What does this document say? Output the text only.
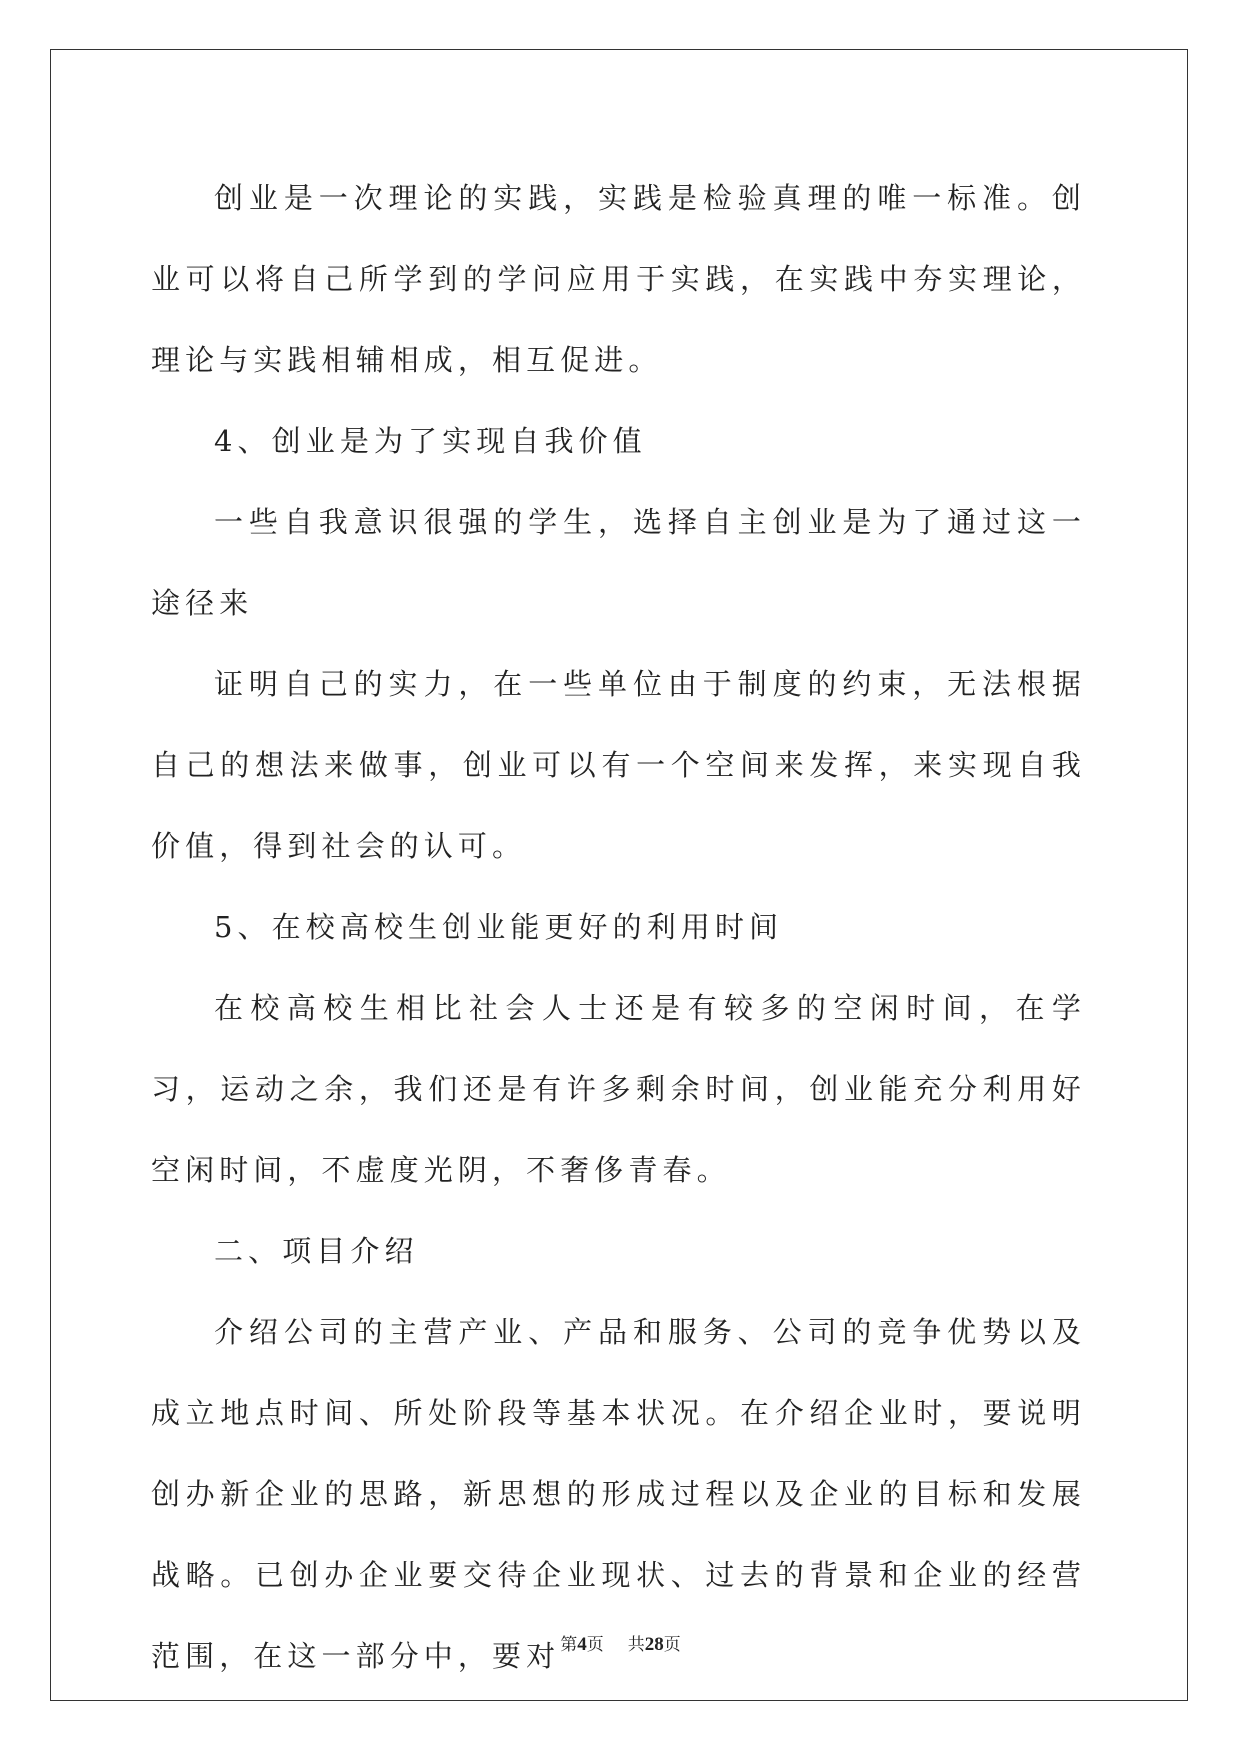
创业是一次理论的实践，实践是检验真理的唯一标准。创业可以将自己所学到的学问应用于实践，在实践中夯实理论，理论与实践相辅相成，相互促进。

4、创业是为了实现自我价值

一些自我意识很强的学生，选择自主创业是为了通过这一途径来

证明自己的实力，在一些单位由于制度的约束，无法根据自己的想法来做事，创业可以有一个空间来发挥，来实现自我价值，得到社会的认可。

5、在校高校生创业能更好的利用时间

在校高校生相比社会人士还是有较多的空闲时间，在学习，运动之余，我们还是有许多剩余时间，创业能充分利用好空闲时间，不虚度光阴，不奢侈青春。

二、项目介绍

介绍公司的主营产业、产品和服务、公司的竞争优势以及成立地点时间、所处阶段等基本状况。在介绍企业时，要说明创办新企业的思路，新思想的形成过程以及企业的目标和发展战略。已创办企业要交待企业现状、过去的背景和企业的经营范围，在这一部分中，要对 第4页 共28页
